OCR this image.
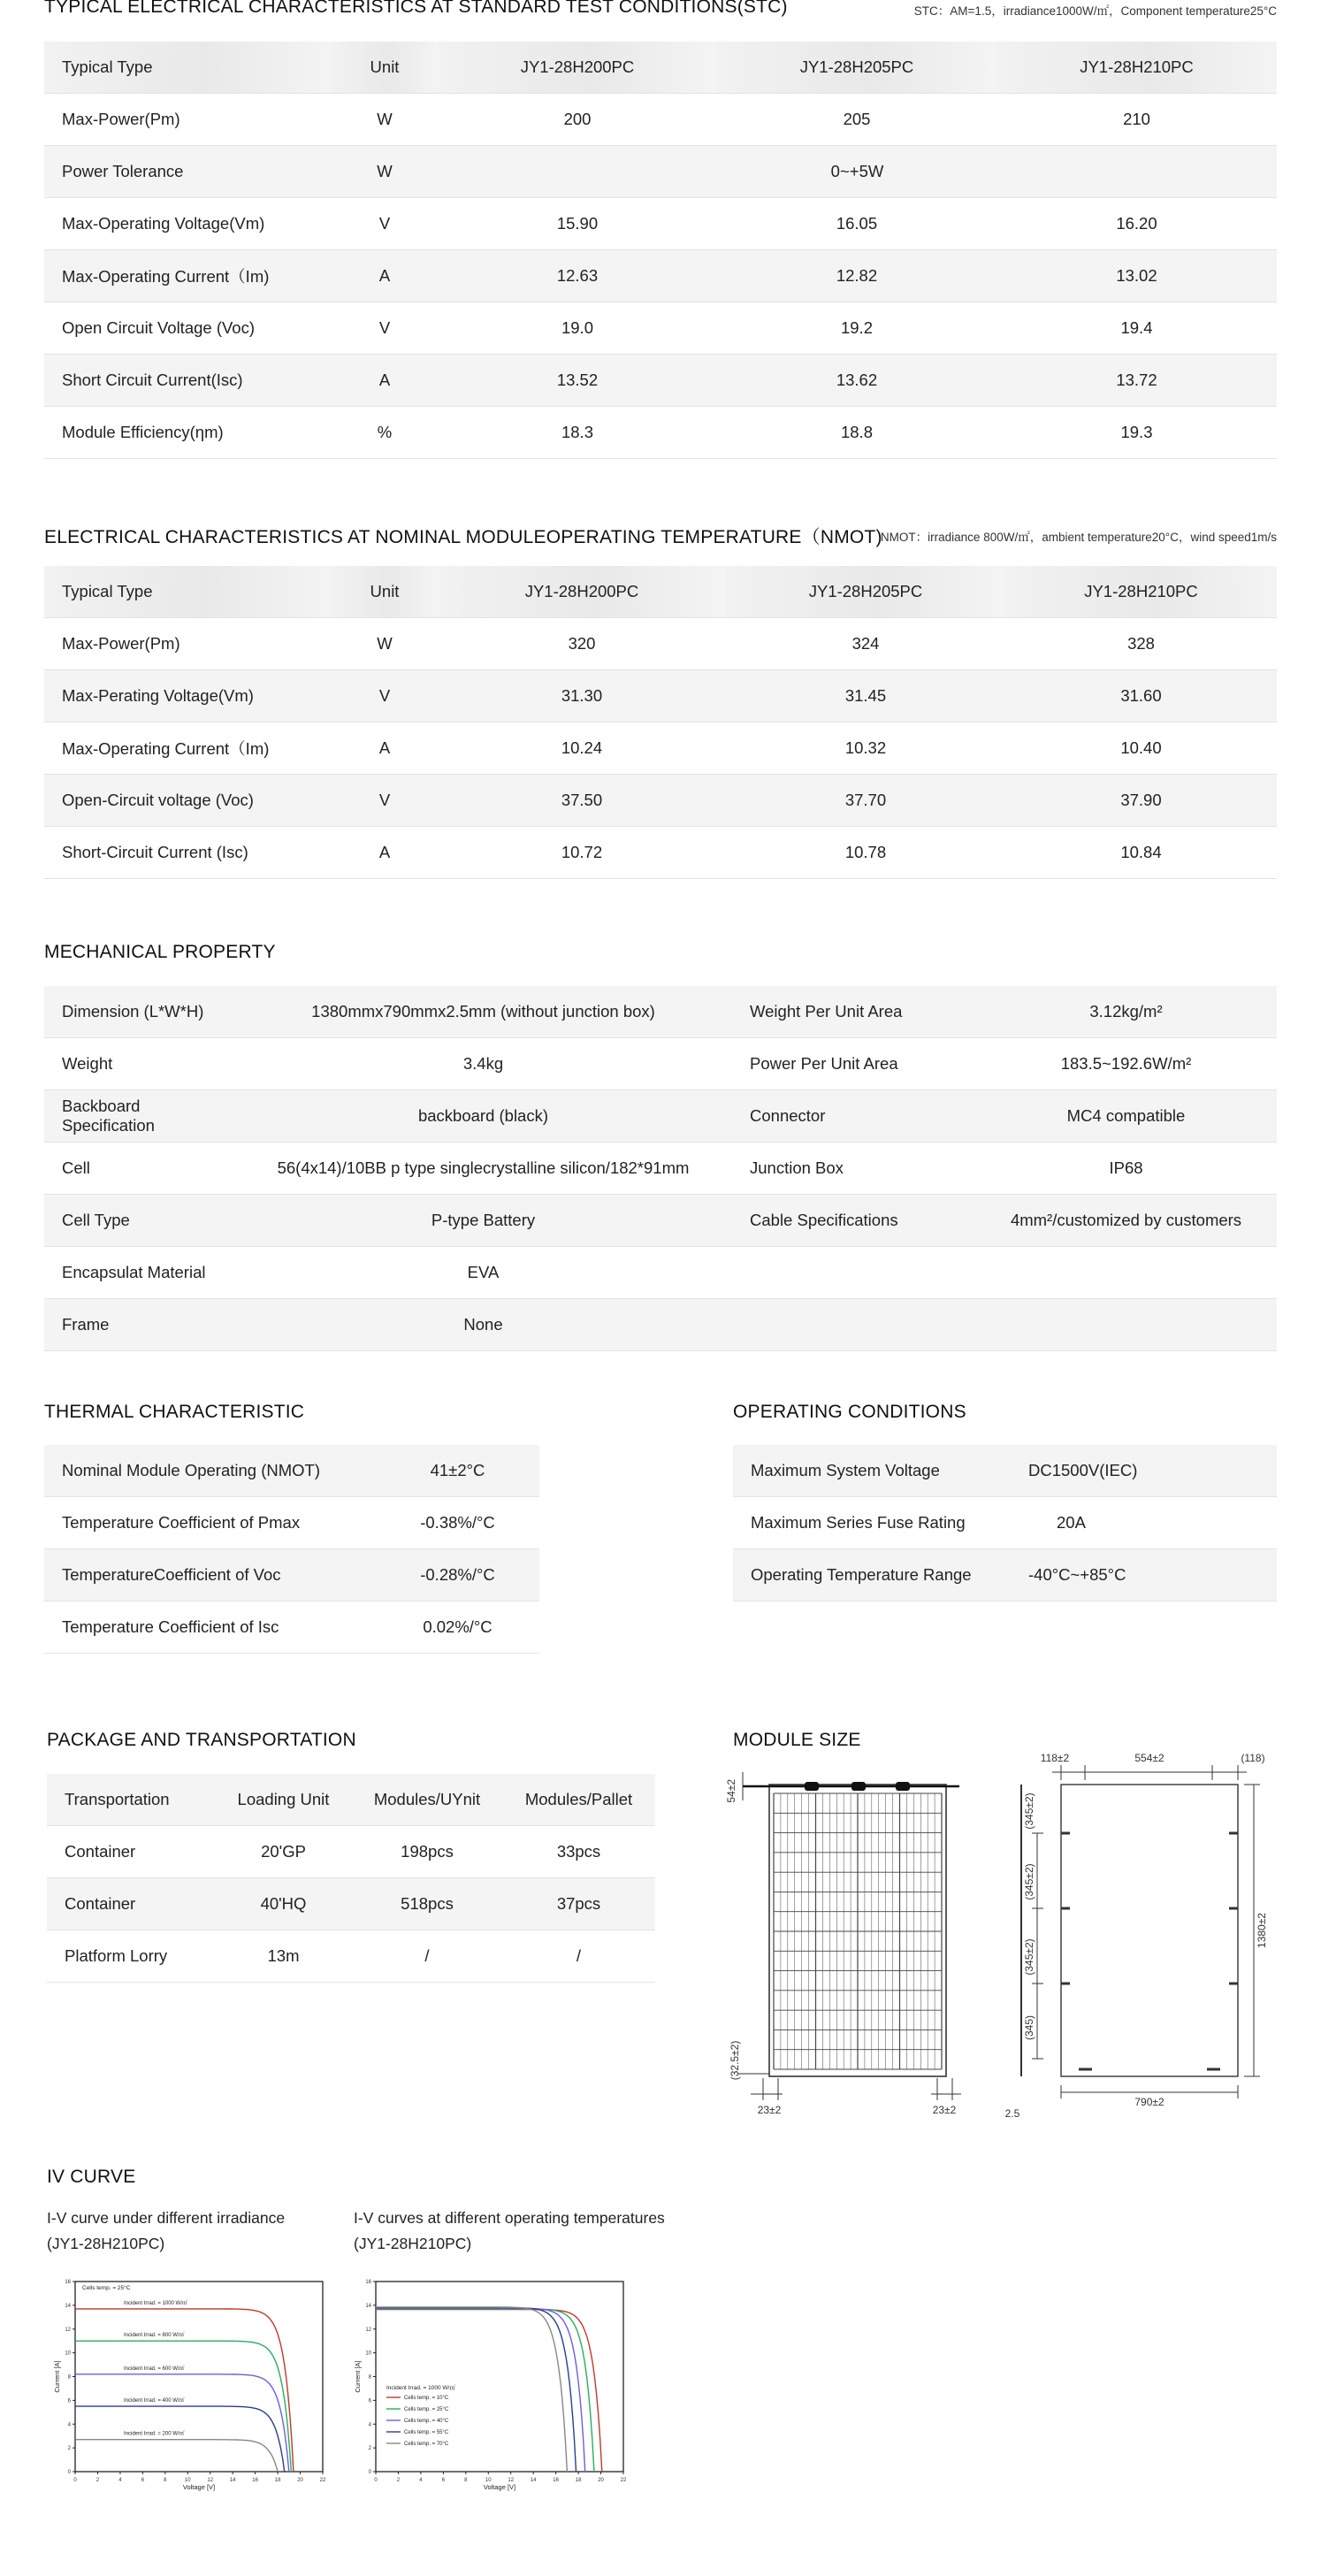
TYPICAL ELECTRICAL CHARACTERISTICS AT STANDARD TEST CONDITIONS(STC)	STC：AM=1.5，irradiance1000W/㎡，Component temperature25°C
Typical Type	Unit	JY1-28H200PC	JY1-28H205PC	JY1-28H210PC
Max-Power(Pm)	W	200	205	210
Power Tolerance	W	0~+5W		
Max-Operating Voltage(Vm)	V	15.90	16.05	16.20
Max-Operating Current（Im)	A	12.63	12.82	13.02
Open Circuit Voltage (Voc)	V	19.0	19.2	19.4
Short Circuit Current(Isc)	A	13.52	13.62	13.72
Module Efficiency(ηm)	%	18.3	18.8	19.3
ELECTRICAL CHARACTERISTICS AT NOMINAL MODULEOPERATING TEMPERATURE（NMOT)
NMOT：irradiance 800W/㎡，ambient temperature20°C，wind speed1m/s
Typical Type	Unit	JY1-28H200PC	JY1-28H205PC	JY1-28H210PC
Max-Power(Pm)	W	320	324	328
Max-Perating Voltage(Vm)	V	31.30	31.45	31.60
Max-Operating Current（Im)	A	10.24	10.32	10.40
Open-Circuit voltage (Voc)	V	37.50	37.70	37.90
Short-Circuit Current (Isc)	A	10.72	10.78	10.84
MECHANICAL PROPERTY
Dimension (L*W*H)	1380mmx790mmx2.5mm (without junction box)	Weight Per Unit Area	3.12kg/m²
Weight	3.4kg	Power Per Unit Area	183.5~192.6W/m²
Backboard Specification	backboard (black)	Connector	MC4 compatible
Cell	56(4x14)/10BB p type singlecrystalline silicon/182*91mm	Junction Box	IP68
Cell Type	P-type Battery	Cable Specifications	4mm²/customized by customers
Encapsulat Material	EVA		
Frame	None		
THERMAL CHARACTERISTIC
Nominal Module Operating (NMOT)	41±2°C
Temperature Coefficient of Pmax	-0.38%/°C
TemperatureCoefficient of Voc	-0.28%/°C
Temperature Coefficient of Isc	0.02%/°C
OPERATING CONDITIONS
Maximum System Voltage	DC1500V(IEC)
Maximum Series Fuse Rating	20A
Operating Temperature Range	-40°C~+85°C
PACKAGE AND TRANSPORTATION
Transportation	Loading Unit	Modules/UYnit	Modules/Pallet
Container	20'GP	198pcs	33pcs
Container	40'HQ	518pcs	37pcs
Platform Lorry	13m	/	/
MODULE SIZE
54±2
(32.5±2)
23±2	23±2
118±2	554±2	(118)
(345±2)
(345±2)
(345±2)
(345)
1380±2
790±2
2.5
IV CURVE
I-V curve under different irradiance
(JY1-28H210PC)
I-V curves at different operating temperatures
(JY1-28H210PC)
0	2	4	6	8	10	12	14	16	18	20	22
0
2
4
6
8
10
12
14
16
Voltage [V]
Current [A]
Cells temp. = 25°C
Incident Irrad. = 1000 W/㎡
Incident Irrad. = 800 W/㎡
Incident Irrad. = 600 W/㎡
Incident Irrad. = 400 W/㎡
Incident Irrad. = 200 W/㎡
0	2	4	6	8	10	12	14	16	18	20	22
0
2
4
6
8
10
12
14
16
Voltage [V]
Current [A]	Incident Irrad. = 1000 W/㎡
Cells temp. = 10°C
Cells temp. = 25°C
Cells temp. = 40°C
Cells temp. = 55°C
Cells temp. = 70°C
